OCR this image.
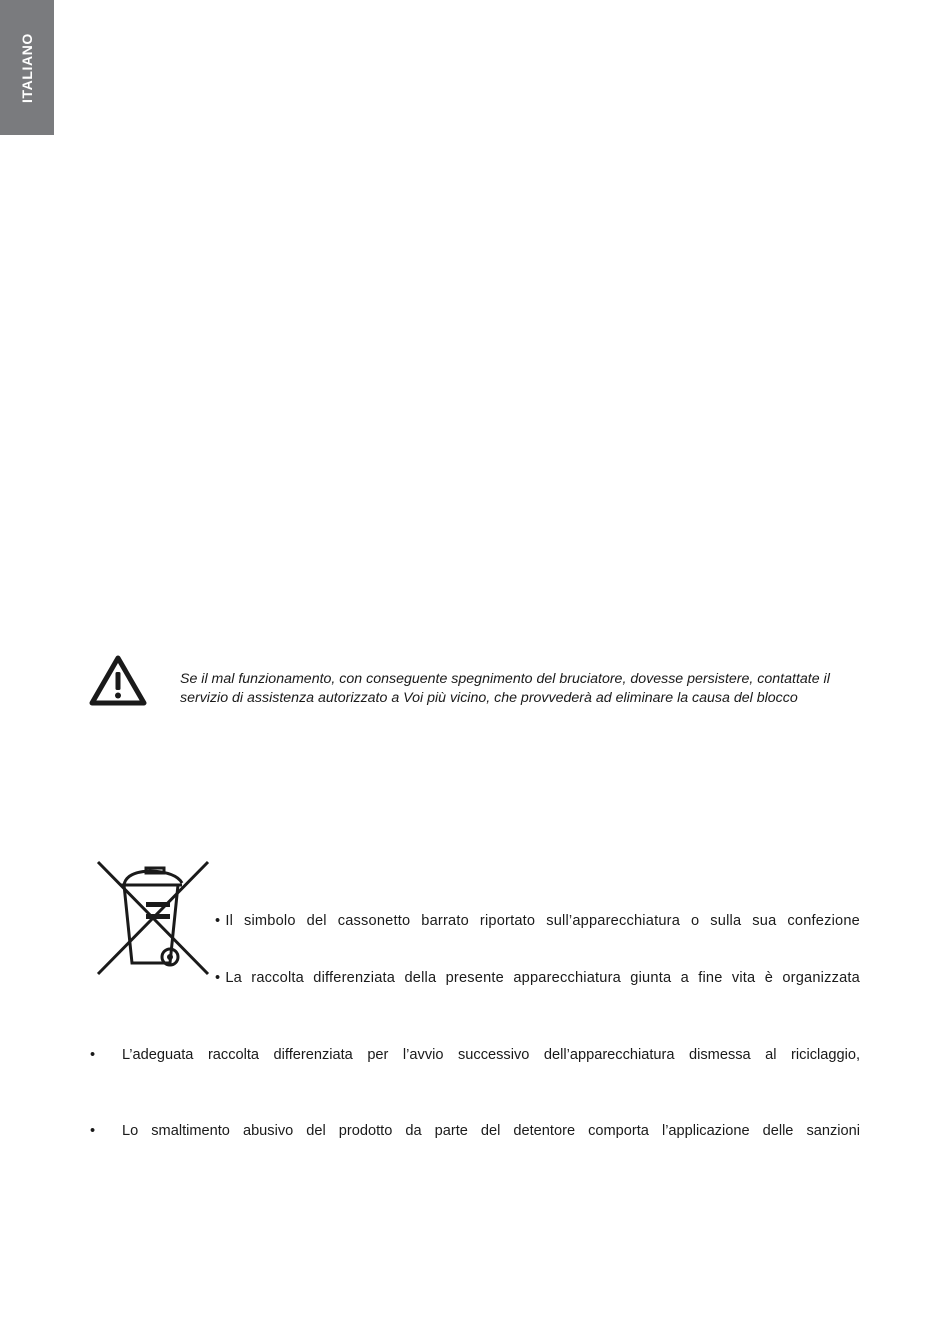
ITALIANO

Se il mal funzionamento, con conseguente spegnimento del bruciatore, dovesse persistere, contattate il servizio di assistenza autorizzato a Voi più vicino, che provvederà ad eliminare la causa del blocco

• Il simbolo del cassonetto barrato riportato sull’apparecchiatura o sulla sua confezione
• La raccolta differenziata della presente apparecchiatura giunta a fine vita è organizzata
• L’adeguata raccolta differenziata per l’avvio successivo dell’apparecchiatura dismessa al riciclaggio,
• Lo smaltimento abusivo del prodotto da parte del detentore comporta l’applicazione delle sanzioni
